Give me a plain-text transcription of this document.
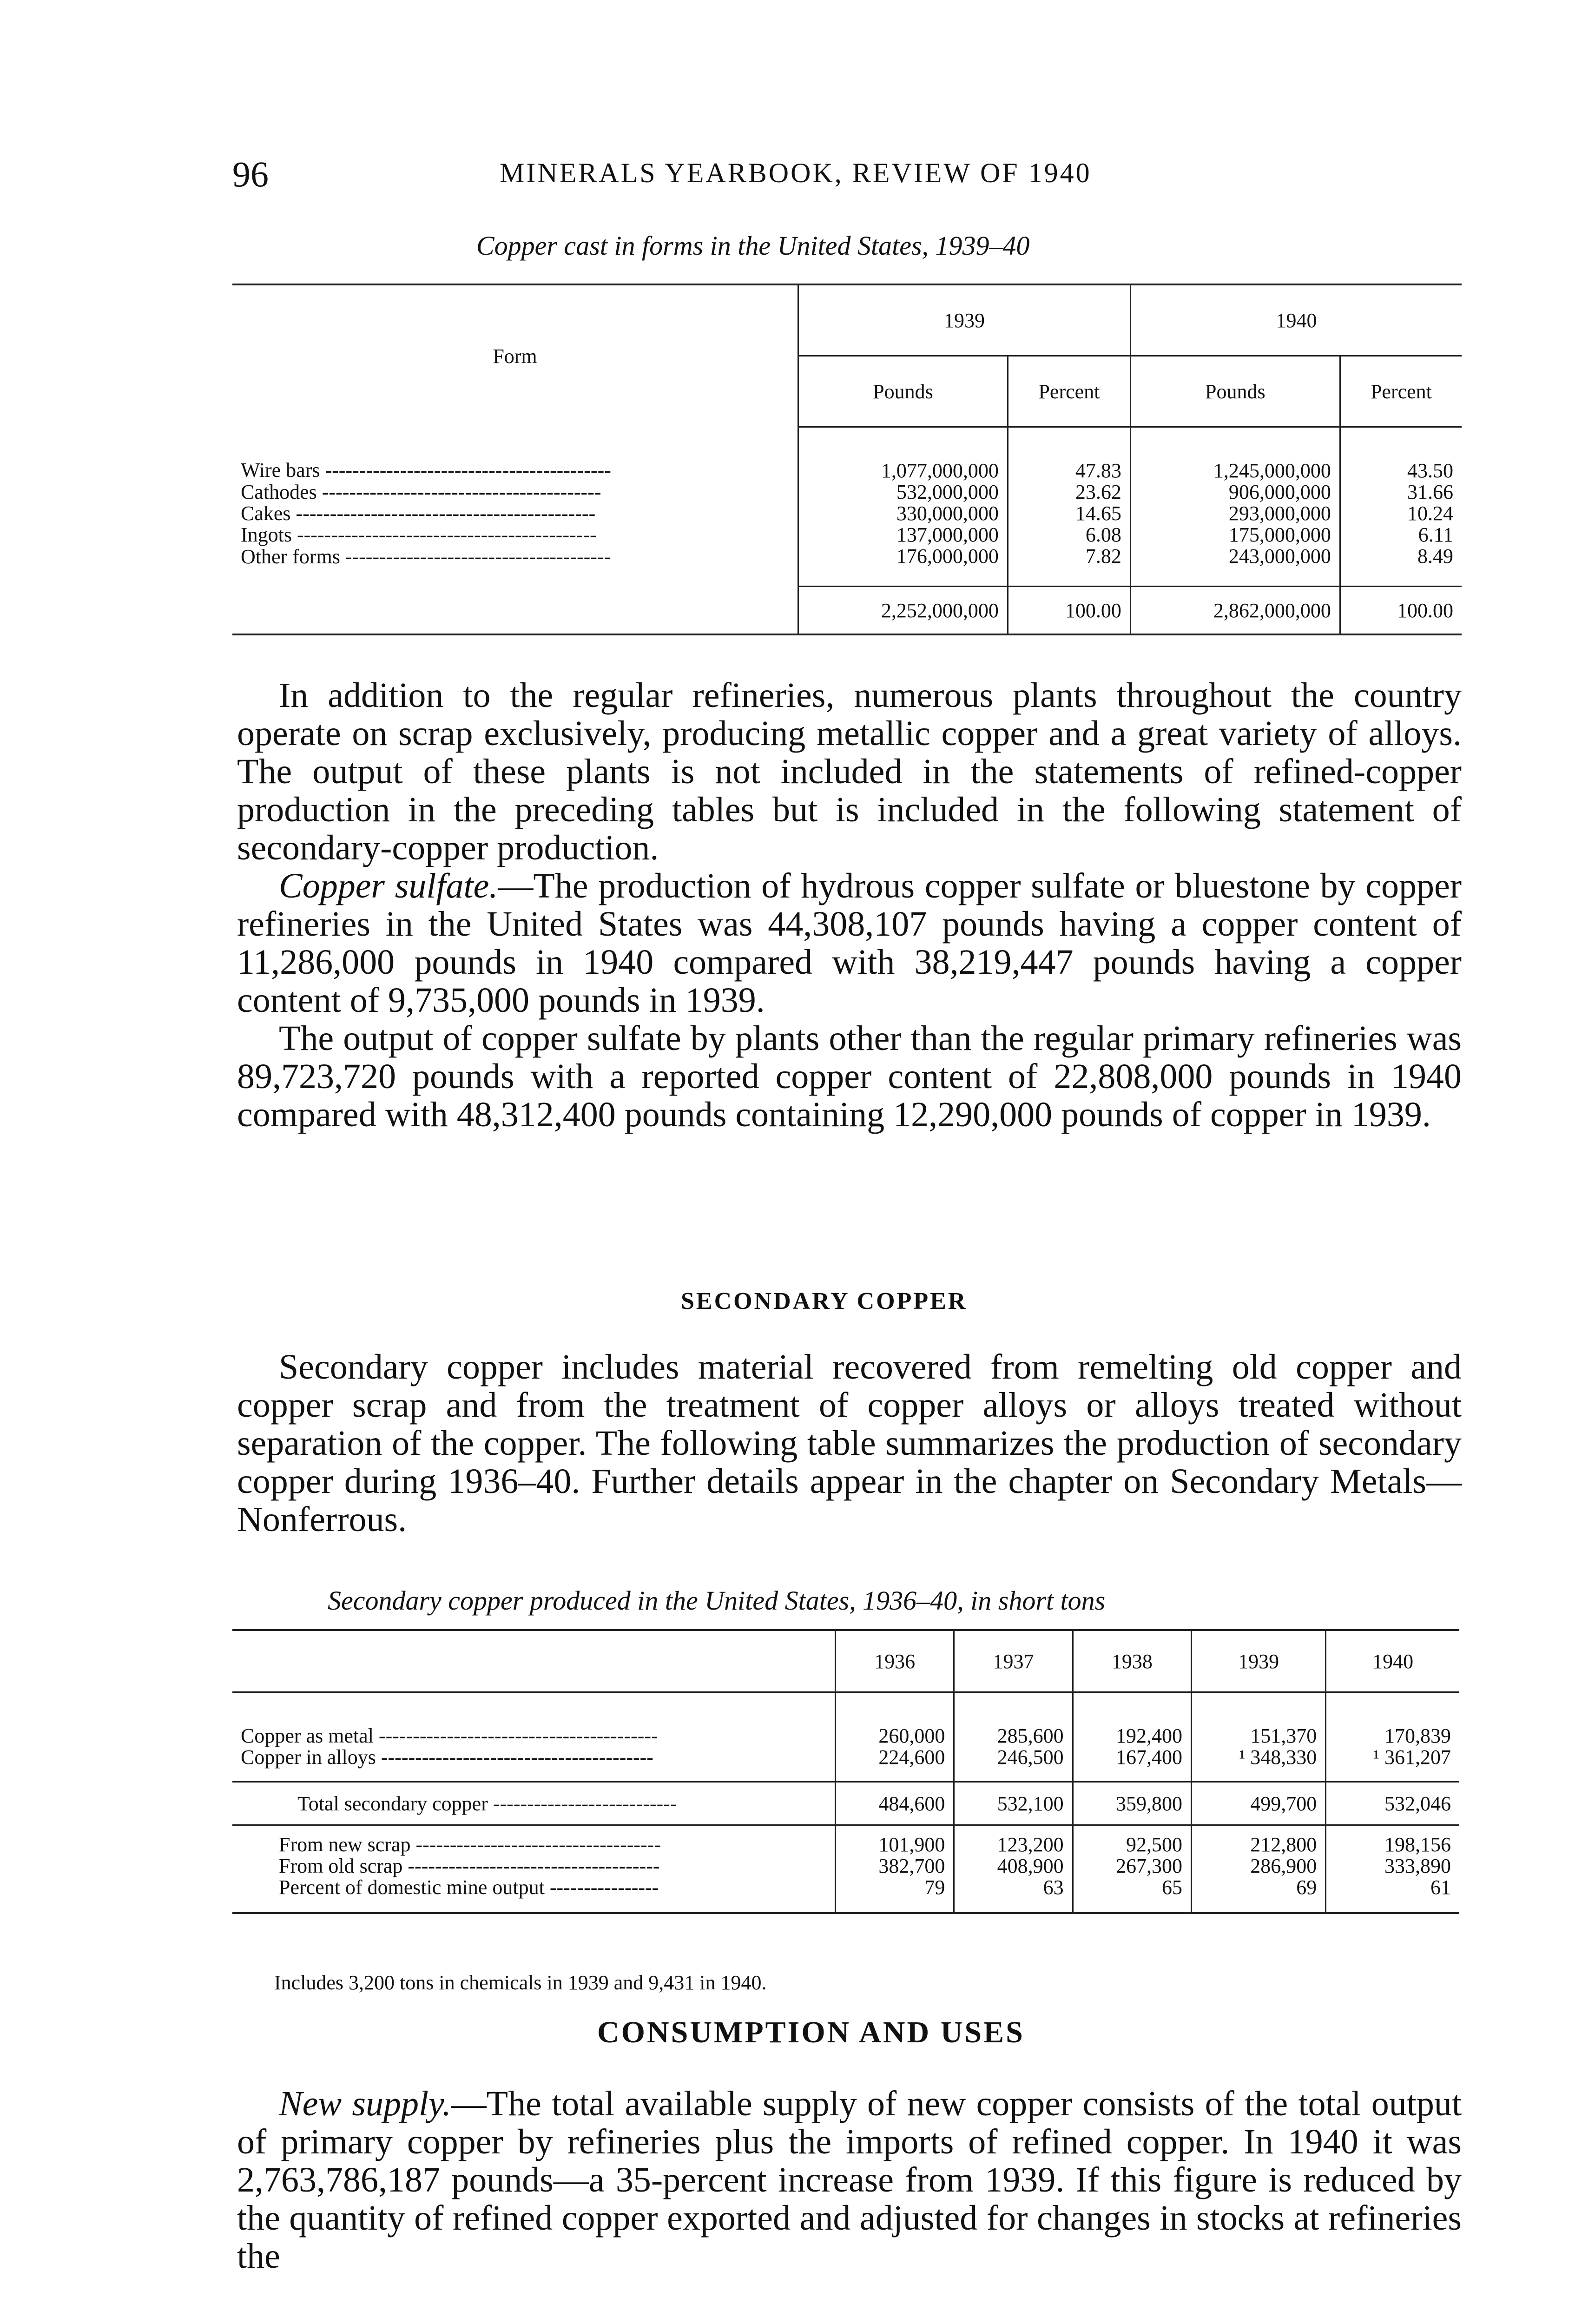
96	MINERALS YEARBOOK, REVIEW OF 1940
Copper cast in forms in the United States, 1939–40
Form	1939		1940	
	Pounds	Percent	Pounds	Percent
Wire bars ------------------------------------------	1,077,000,000	47.83	1,245,000,000	43.50
Cathodes -----------------------------------------	532,000,000	23.62	906,000,000	31.66
Cakes --------------------------------------------	330,000,000	14.65	293,000,000	10.24
Ingots --------------------------------------------	137,000,000	6.08	175,000,000	6.11
Other forms ---------------------------------------	176,000,000	7.82	243,000,000	8.49
	2,252,000,000	100.00	2,862,000,000	100.00

In addition to the regular refineries, numerous plants throughout the country operate on scrap exclusively, producing metallic copper and a great variety of alloys. The output of these plants is not included in the statements of refined-copper production in the preceding tables but is included in the following statement of secondary-copper production.

Copper sulfate.—The production of hydrous copper sulfate or bluestone by copper refineries in the United States was 44,308,107 pounds having a copper content of 11,286,000 pounds in 1940 compared with 38,219,447 pounds having a copper content of 9,735,000 pounds in 1939.

The output of copper sulfate by plants other than the regular primary refineries was 89,723,720 pounds with a reported copper content of 22,808,000 pounds in 1940 compared with 48,312,400 pounds containing 12,290,000 pounds of copper in 1939.

SECONDARY COPPER

Secondary copper includes material recovered from remelting old copper and copper scrap and from the treatment of copper alloys or alloys treated without separation of the copper. The following table summarizes the production of secondary copper during 1936–40. Further details appear in the chapter on Secondary Metals—Nonferrous.

Secondary copper produced in the United States, 1936–40, in short tons
	1936	1937	1938	1939	1940
Copper as metal -----------------------------------------	260,000	285,600	192,400	151,370	170,839
Copper in alloys ----------------------------------------	224,600	246,500	167,400	¹ 348,330	¹ 361,207
Total secondary copper ---------------------------	484,600	532,100	359,800	499,700	532,046
From new scrap ------------------------------------	101,900	123,200	92,500	212,800	198,156
From old scrap -------------------------------------	382,700	408,900	267,300	286,900	333,890
Percent of domestic mine output ----------------	79	63	65	69	61
Includes 3,200 tons in chemicals in 1939 and 9,431 in 1940.
CONSUMPTION AND USES

New supply.—The total available supply of new copper consists of the total output of primary copper by refineries plus the imports of refined copper. In 1940 it was 2,763,786,187 pounds—a 35-percent increase from 1939. If this figure is reduced by the quantity of refined copper exported and adjusted for changes in stocks at refineries the
